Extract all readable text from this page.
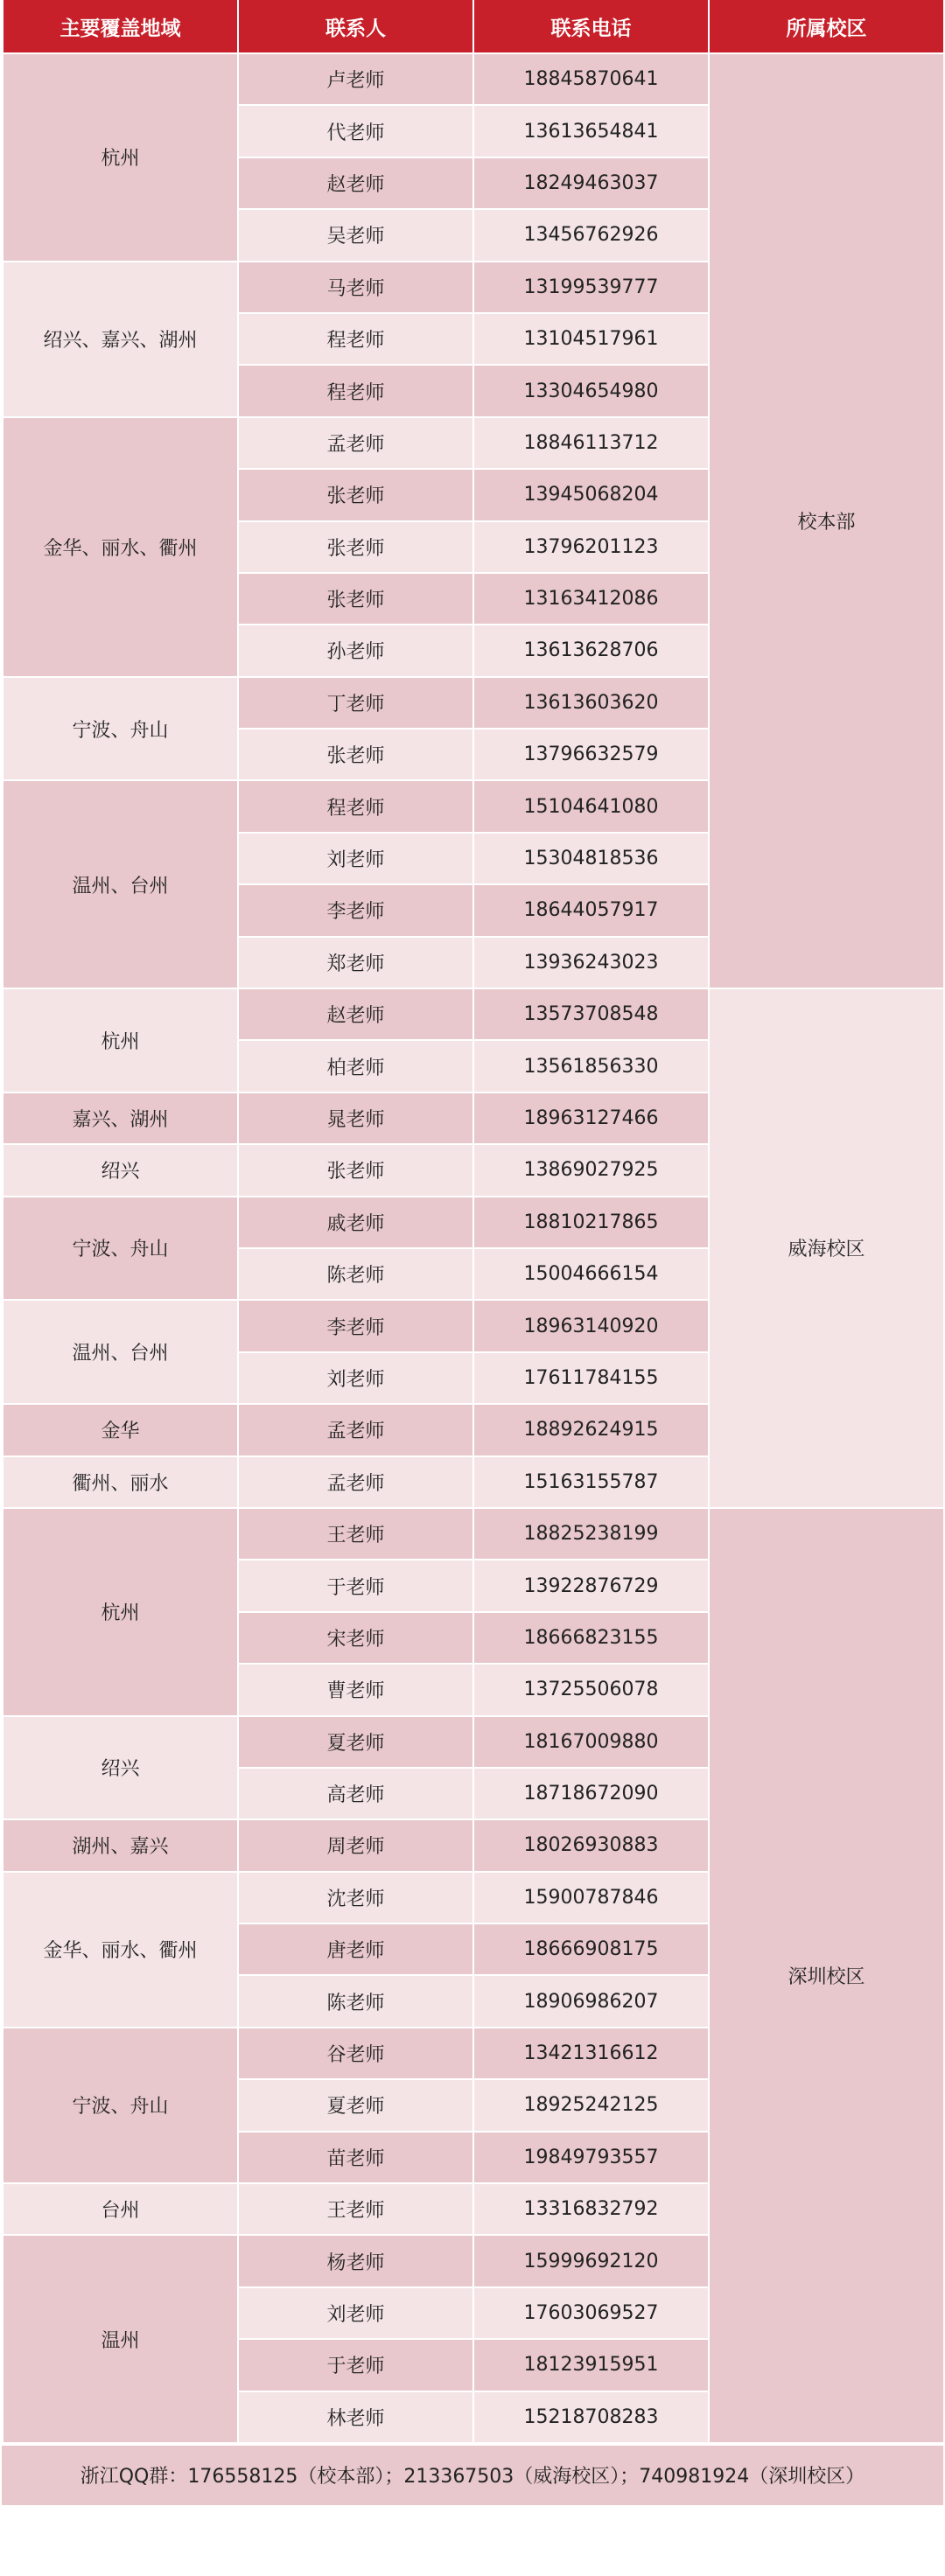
主要覆盖地域	联系人	联系电话	所属校区
杭州	卢老师	18845870641	校本部
	代老师	13613654841	
	赵老师	18249463037	
	吴老师	13456762926	
绍兴、嘉兴、湖州	马老师	13199539777	
	程老师	13104517961	
	程老师	13304654980	
金华、丽水、衢州	孟老师	18846113712	
	张老师	13945068204	
	张老师	13796201123	
	张老师	13163412086	
	孙老师	13613628706	
宁波、舟山	丁老师	13613603620	
	张老师	13796632579	
温州、台州	程老师	15104641080	
	刘老师	15304818536	
	李老师	18644057917	
	郑老师	13936243023	
杭州	赵老师	13573708548	威海校区
	柏老师	13561856330	
嘉兴、湖州	晁老师	18963127466	
绍兴	张老师	13869027925	
宁波、舟山	戚老师	18810217865	
	陈老师	15004666154	
温州、台州	李老师	18963140920	
	刘老师	17611784155	
金华	孟老师	18892624915	
衢州、丽水	孟老师	15163155787	
杭州	王老师	18825238199	深圳校区
	于老师	13922876729	
	宋老师	18666823155	
	曹老师	13725506078	
绍兴	夏老师	18167009880	
	高老师	18718672090	
湖州、嘉兴	周老师	18026930883	
金华、丽水、衢州	沈老师	15900787846	
	唐老师	18666908175	
	陈老师	18906986207	
宁波、舟山	谷老师	13421316612	
	夏老师	18925242125	
	苗老师	19849793557	
台州	王老师	13316832792	
温州	杨老师	15999692120	
	刘老师	17603069527	
	于老师	18123915951	
	林老师	15218708283	
浙江QQ群：176558125（校本部）；213367503（威海校区）；740981924（深圳校区）
